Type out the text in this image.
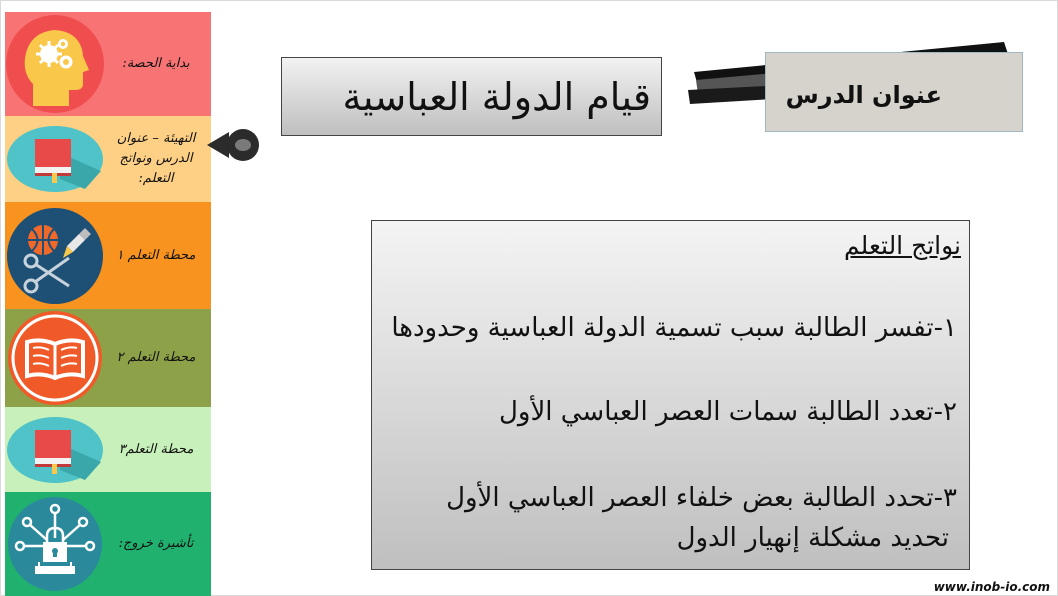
بداية الحصة:
التهيئة – عنوان الدرس ونواتج التعلم:
محطة التعلم ١
محطة التعلم ٢
محطة التعلم٣
تأشيرة خروج:
عنوان الدرس
قيام الدولة العباسية
نواتج التعلم
١-تفسر الطالبة سبب تسمية الدولة العباسية وحدودها
٢-تعدد الطالبة سمات العصر العباسي الأول
٣-تحدد الطالبة بعض خلفاء العصر العباسي الأول
تحديد مشكلة إنهيار الدول
www.inob-io.com
